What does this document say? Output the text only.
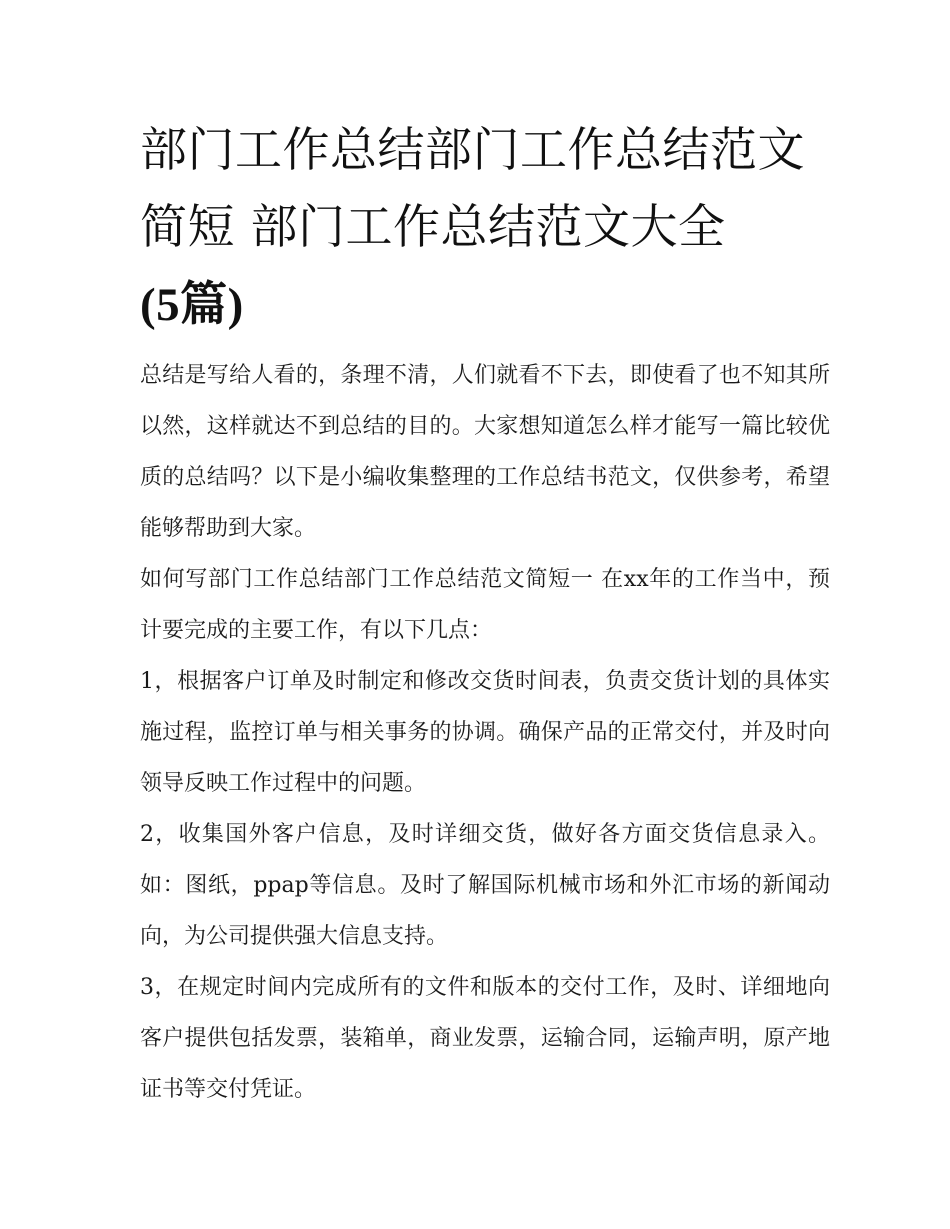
部门工作总结部门工作总结范文简短 部门工作总结范文大全
(5篇)

总结是写给人看的，条理不清，人们就看不下去，即使看了也不知其所以然，这样就达不到总结的目的。大家想知道怎么样才能写一篇比较优质的总结吗？以下是小编收集整理的工作总结书范文，仅供参考，希望能够帮助到大家。

如何写部门工作总结部门工作总结范文简短一 在xx年的工作当中，预计要完成的主要工作，有以下几点：

1，根据客户订单及时制定和修改交货时间表，负责交货计划的具体实施过程，监控订单与相关事务的协调。确保产品的正常交付，并及时向领导反映工作过程中的问题。

2，收集国外客户信息，及时详细交货，做好各方面交货信息录入。如：图纸，ppap等信息。及时了解国际机械市场和外汇市场的新闻动向，为公司提供强大信息支持。

3，在规定时间内完成所有的文件和版本的交付工作，及时、详细地向客户提供包括发票，装箱单，商业发票，运输合同，运输声明，原产地证书等交付凭证。
